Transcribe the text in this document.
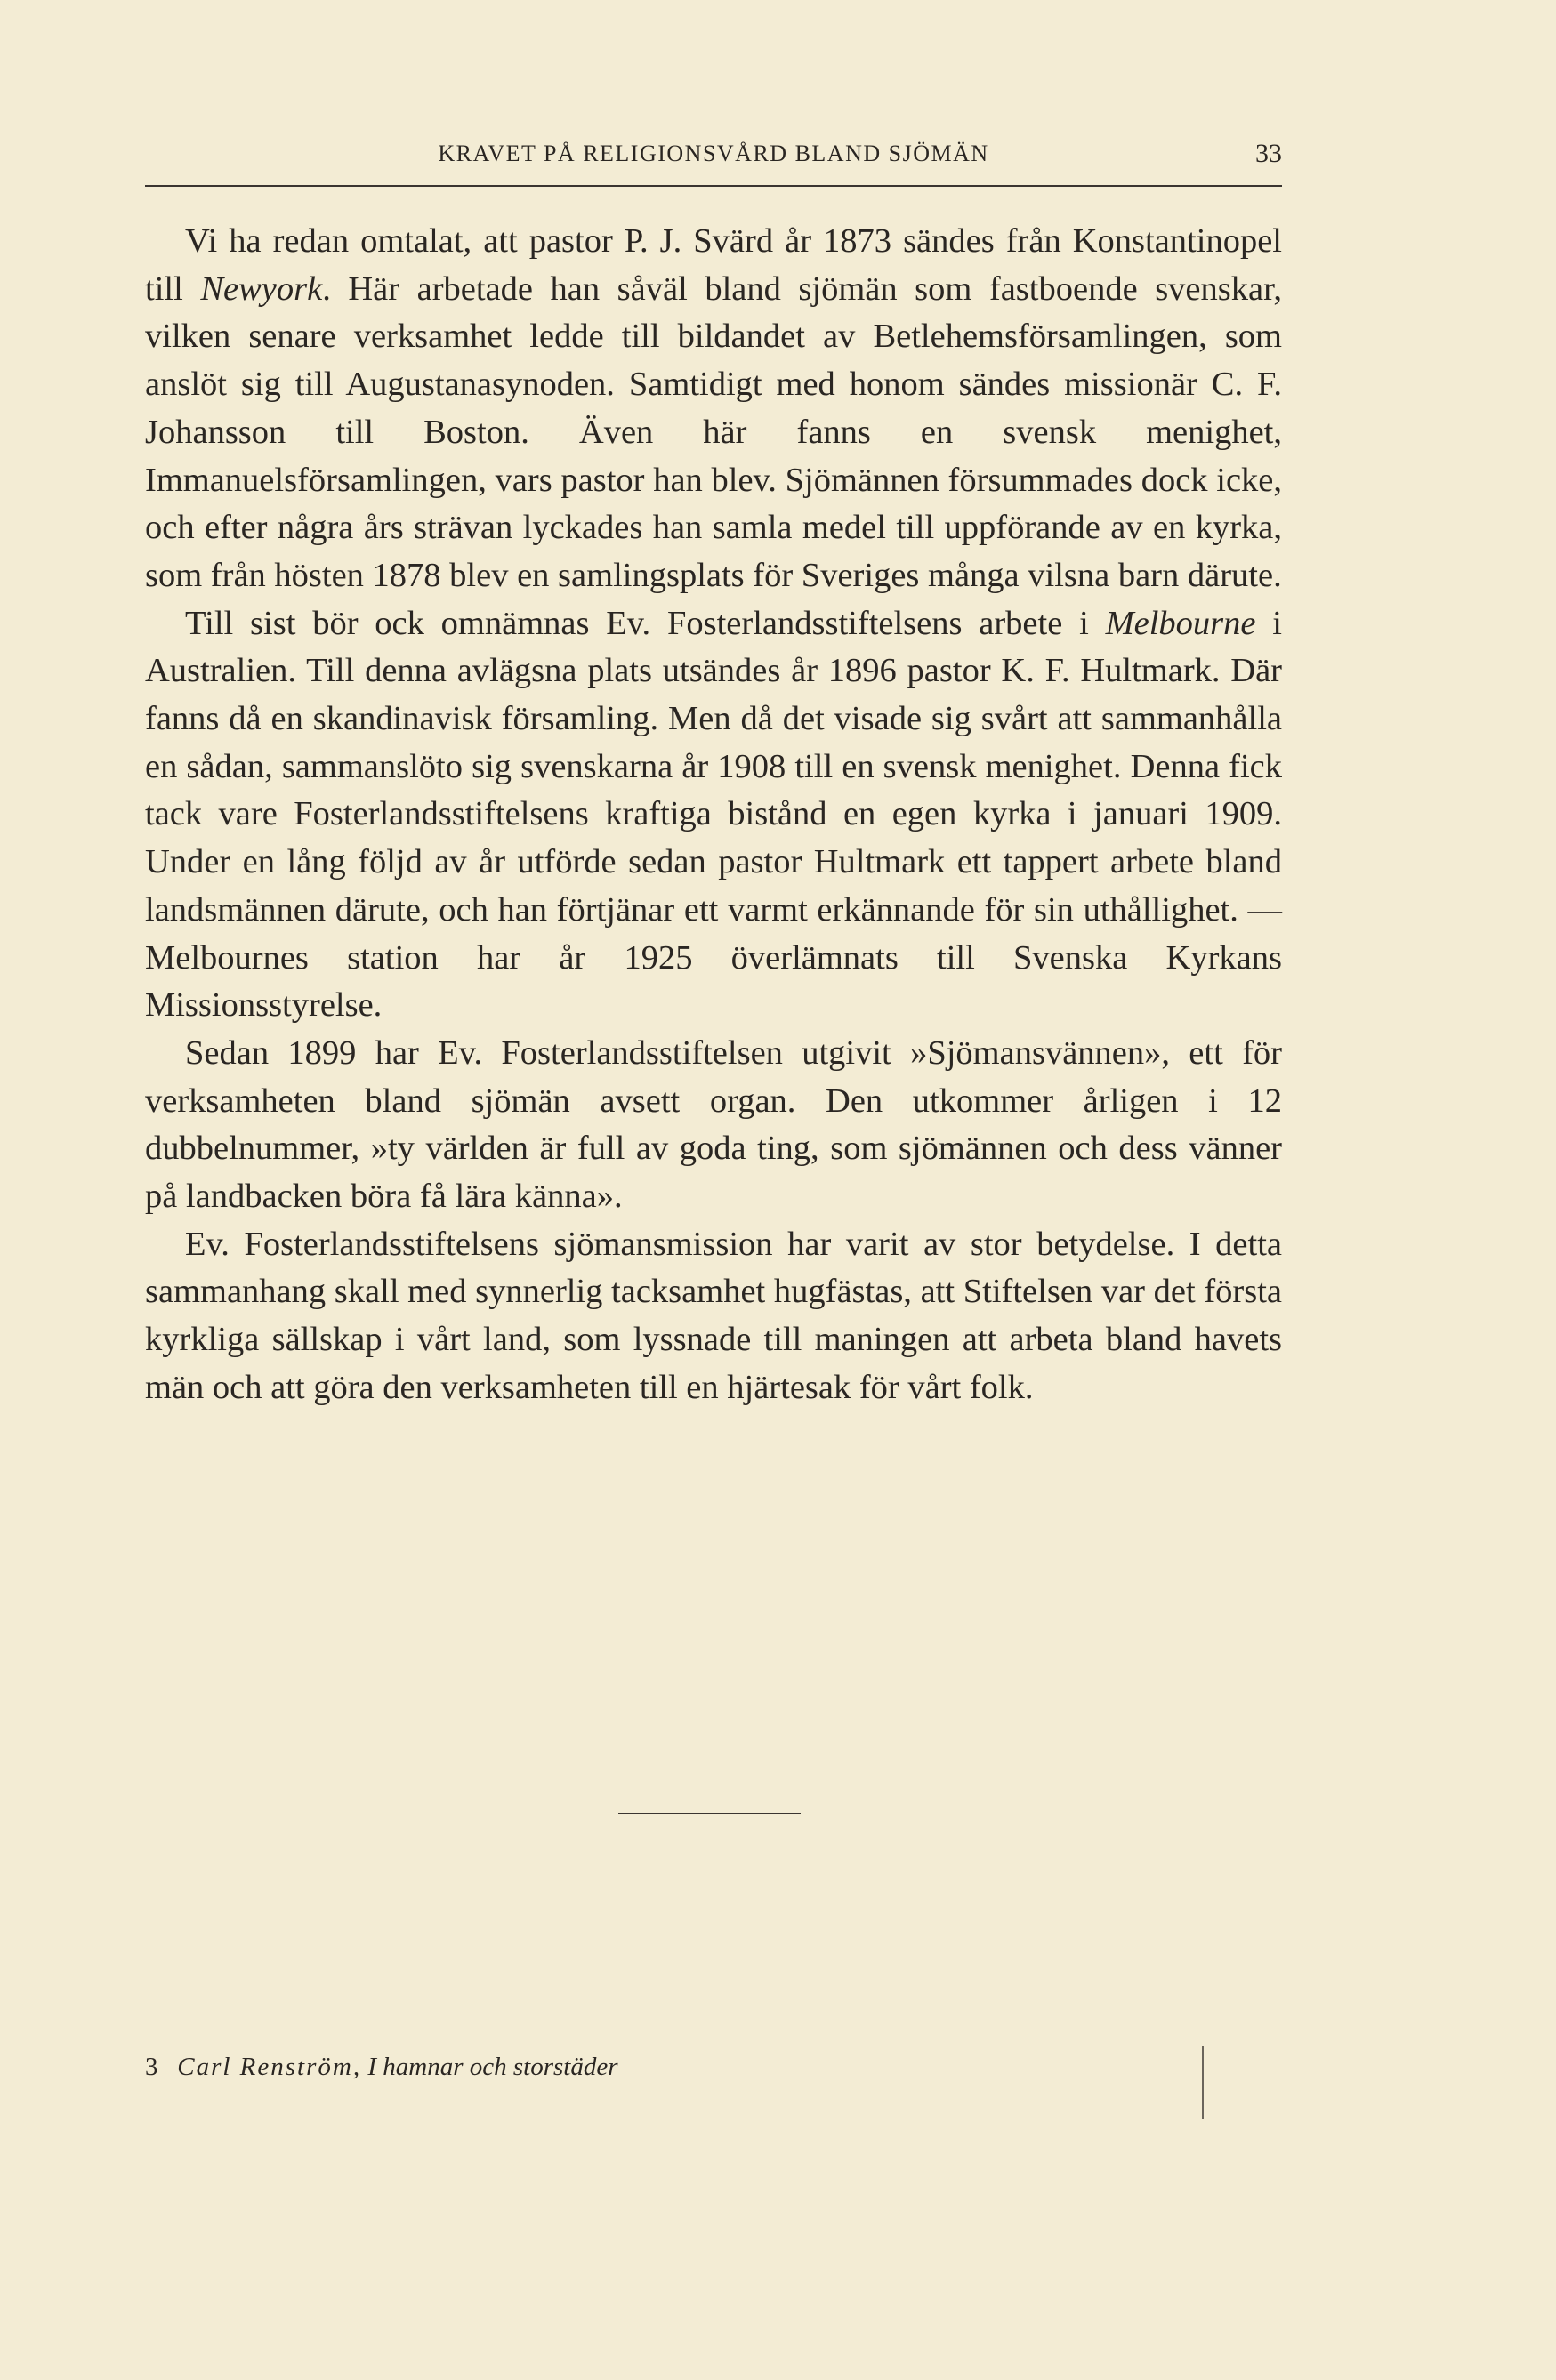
KRAVET PÅ RELIGIONSVÅRD BLAND SJÖMÄN	33

Vi ha redan omtalat, att pastor P. J. Svärd år 1873 sändes från Konstantinopel till Newyork. Här arbetade han såväl bland sjömän som fastboende svenskar, vilken senare verksamhet ledde till bildandet av Betlehemsförsamlingen, som anslöt sig till Augustanasynoden. Samtidigt med honom sändes missionär C. F. Johansson till Boston. Även här fanns en svensk menighet, Immanuelsförsamlingen, vars pastor han blev. Sjömännen försummades dock icke, och efter några års strävan lyckades han samla medel till uppförande av en kyrka, som från hösten 1878 blev en samlingsplats för Sveriges många vilsna barn därute.

Till sist bör ock omnämnas Ev. Fosterlandsstiftelsens arbete i Melbourne i Australien. Till denna avlägsna plats utsändes år 1896 pastor K. F. Hultmark. Där fanns då en skandinavisk församling. Men då det visade sig svårt att sammanhålla en sådan, sammanslöto sig svenskarna år 1908 till en svensk menighet. Denna fick tack vare Fosterlandsstiftelsens kraftiga bistånd en egen kyrka i januari 1909. Under en lång följd av år utförde sedan pastor Hultmark ett tappert arbete bland landsmännen därute, och han förtjänar ett varmt erkännande för sin uthållighet. — Melbournes station har år 1925 överlämnats till Svenska Kyrkans Missionsstyrelse.

Sedan 1899 har Ev. Fosterlandsstiftelsen utgivit »Sjömansvännen», ett för verksamheten bland sjömän avsett organ. Den utkommer årligen i 12 dubbelnummer, »ty världen är full av goda ting, som sjömännen och dess vänner på landbacken böra få lära känna».

Ev. Fosterlandsstiftelsens sjömansmission har varit av stor betydelse. I detta sammanhang skall med synnerlig tacksamhet hugfästas, att Stiftelsen var det första kyrkliga sällskap i vårt land, som lyssnade till maningen att arbeta bland havets män och att göra den verksamheten till en hjärtesak för vårt folk.

3 Carl Renström, I hamnar och storstäder
